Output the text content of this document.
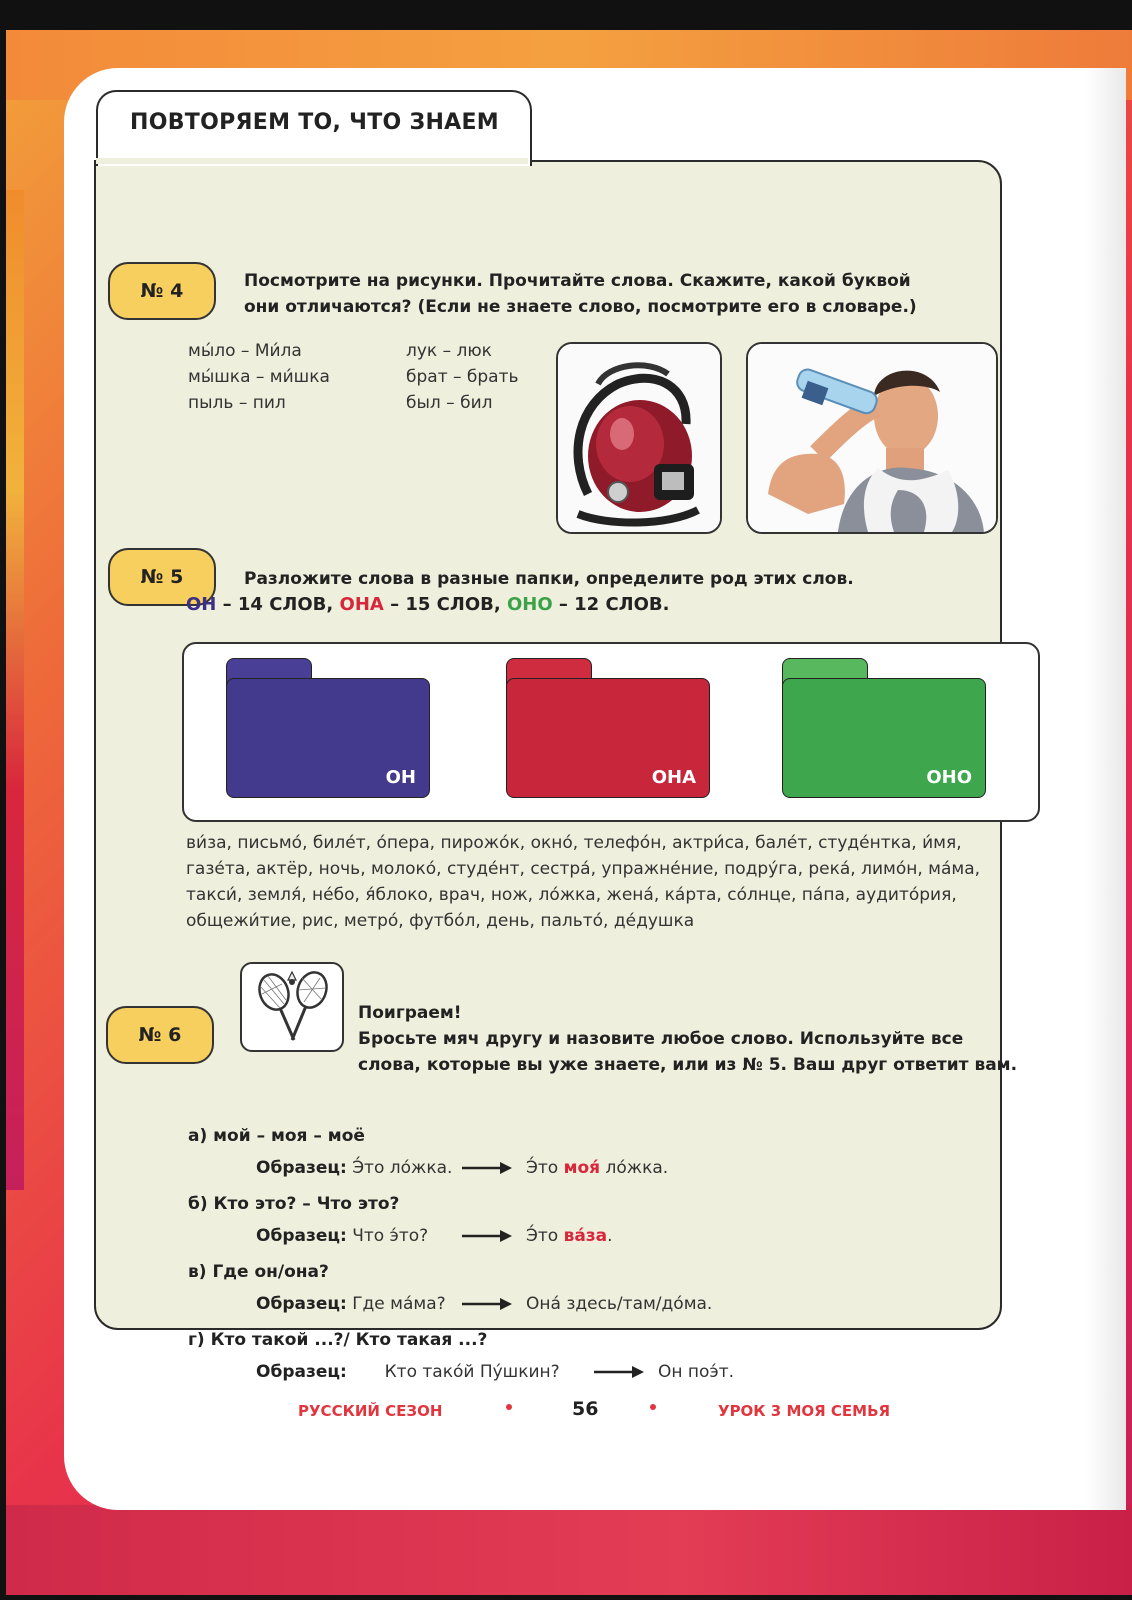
ПОВТОРЯЕМ ТО, ЧТО ЗНАЕМ
№ 4	Посмотрите на рисунки. Прочитайте слова. Скажите, какой буквой
они отличаются? (Если не знаете слово, посмотрите его в словаре.)
мы́ло – Ми́ла
мы́шка – ми́шка
пыль – пил
лук – люк
брат – брать
был – бил
№ 5	Разложите слова в разные папки, определите род этих слов.
ОН – 14 СЛОВ, ОНА – 15 СЛОВ, ОНО – 12 СЛОВ.
ОН	ОНА	ОНО
ви́за, письмо́, биле́т, о́пера, пирожо́к, окно́, телефо́н, актри́са, бале́т, студе́нтка, и́мя,
газе́та, актёр, ночь, молоко́, студе́нт, сестра́, упражне́ние, подру́га, река́, лимо́н, ма́ма,
такси́, земля́, не́бо, я́блоко, врач, нож, ло́жка, жена́, ка́рта, со́лнце, па́па, аудито́рия,
общежи́тие, рис, метро́, футбо́л, день, пальто́, де́душка
№ 6
Поиграем!
Бросьте мяч другу и назовите любое слово. Используйте все
слова, которые вы уже знаете, или из № 5. Ваш друг ответит вам.
а) мой – моя – моё
Образец: Э́то ло́жка.	Э́то моя́ ло́жка.
б) Кто это? – Что это?
Образец: Что э́то?	Э́то ва́за.
в) Где он/она?
Образец: Где ма́ма?	Она́ здесь/там/до́ма.
г) Кто такой ...?/ Кто такая ...?
Образец: Кто тако́й Пу́шкин?	Он поэ́т.
РУССКИЙ СЕЗОН	56	УРОК 3 МОЯ СЕМЬЯ
